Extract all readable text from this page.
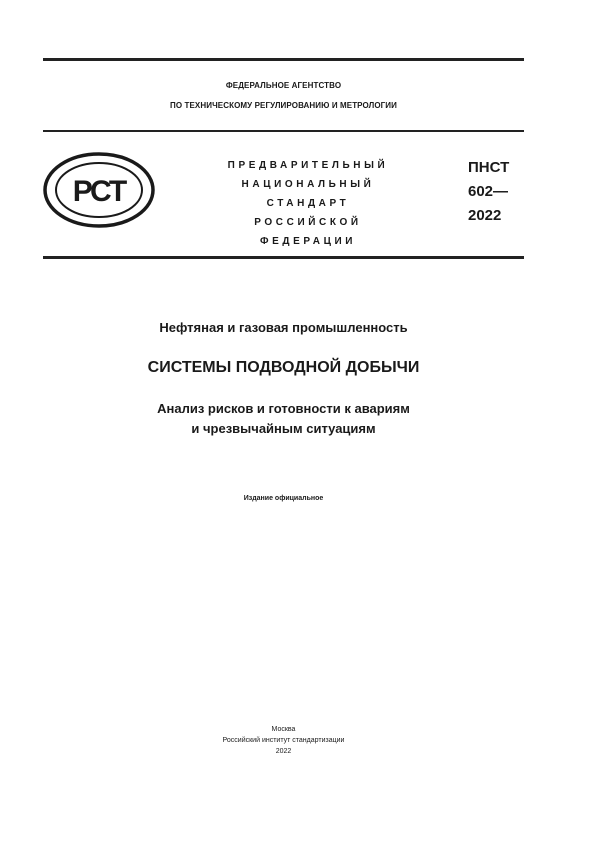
ФЕДЕРАЛЬНОЕ АГЕНТСТВО
ПО ТЕХНИЧЕСКОМУ РЕГУЛИРОВАНИЮ И МЕТРОЛОГИИ
РСТ
ПРЕДВАРИТЕЛЬНЫЙ
НАЦИОНАЛЬНЫЙ
СТАНДАРТ
РОССИЙСКОЙ
ФЕДЕРАЦИИ
ПНСТ
602—
2022
Нефтяная и газовая промышленность
СИСТЕМЫ ПОДВОДНОЙ ДОБЫЧИ
Анализ рисков и готовности к авариям
и чрезвычайным ситуациям
Издание официальное
Москва
Российский институт стандартизации
2022
